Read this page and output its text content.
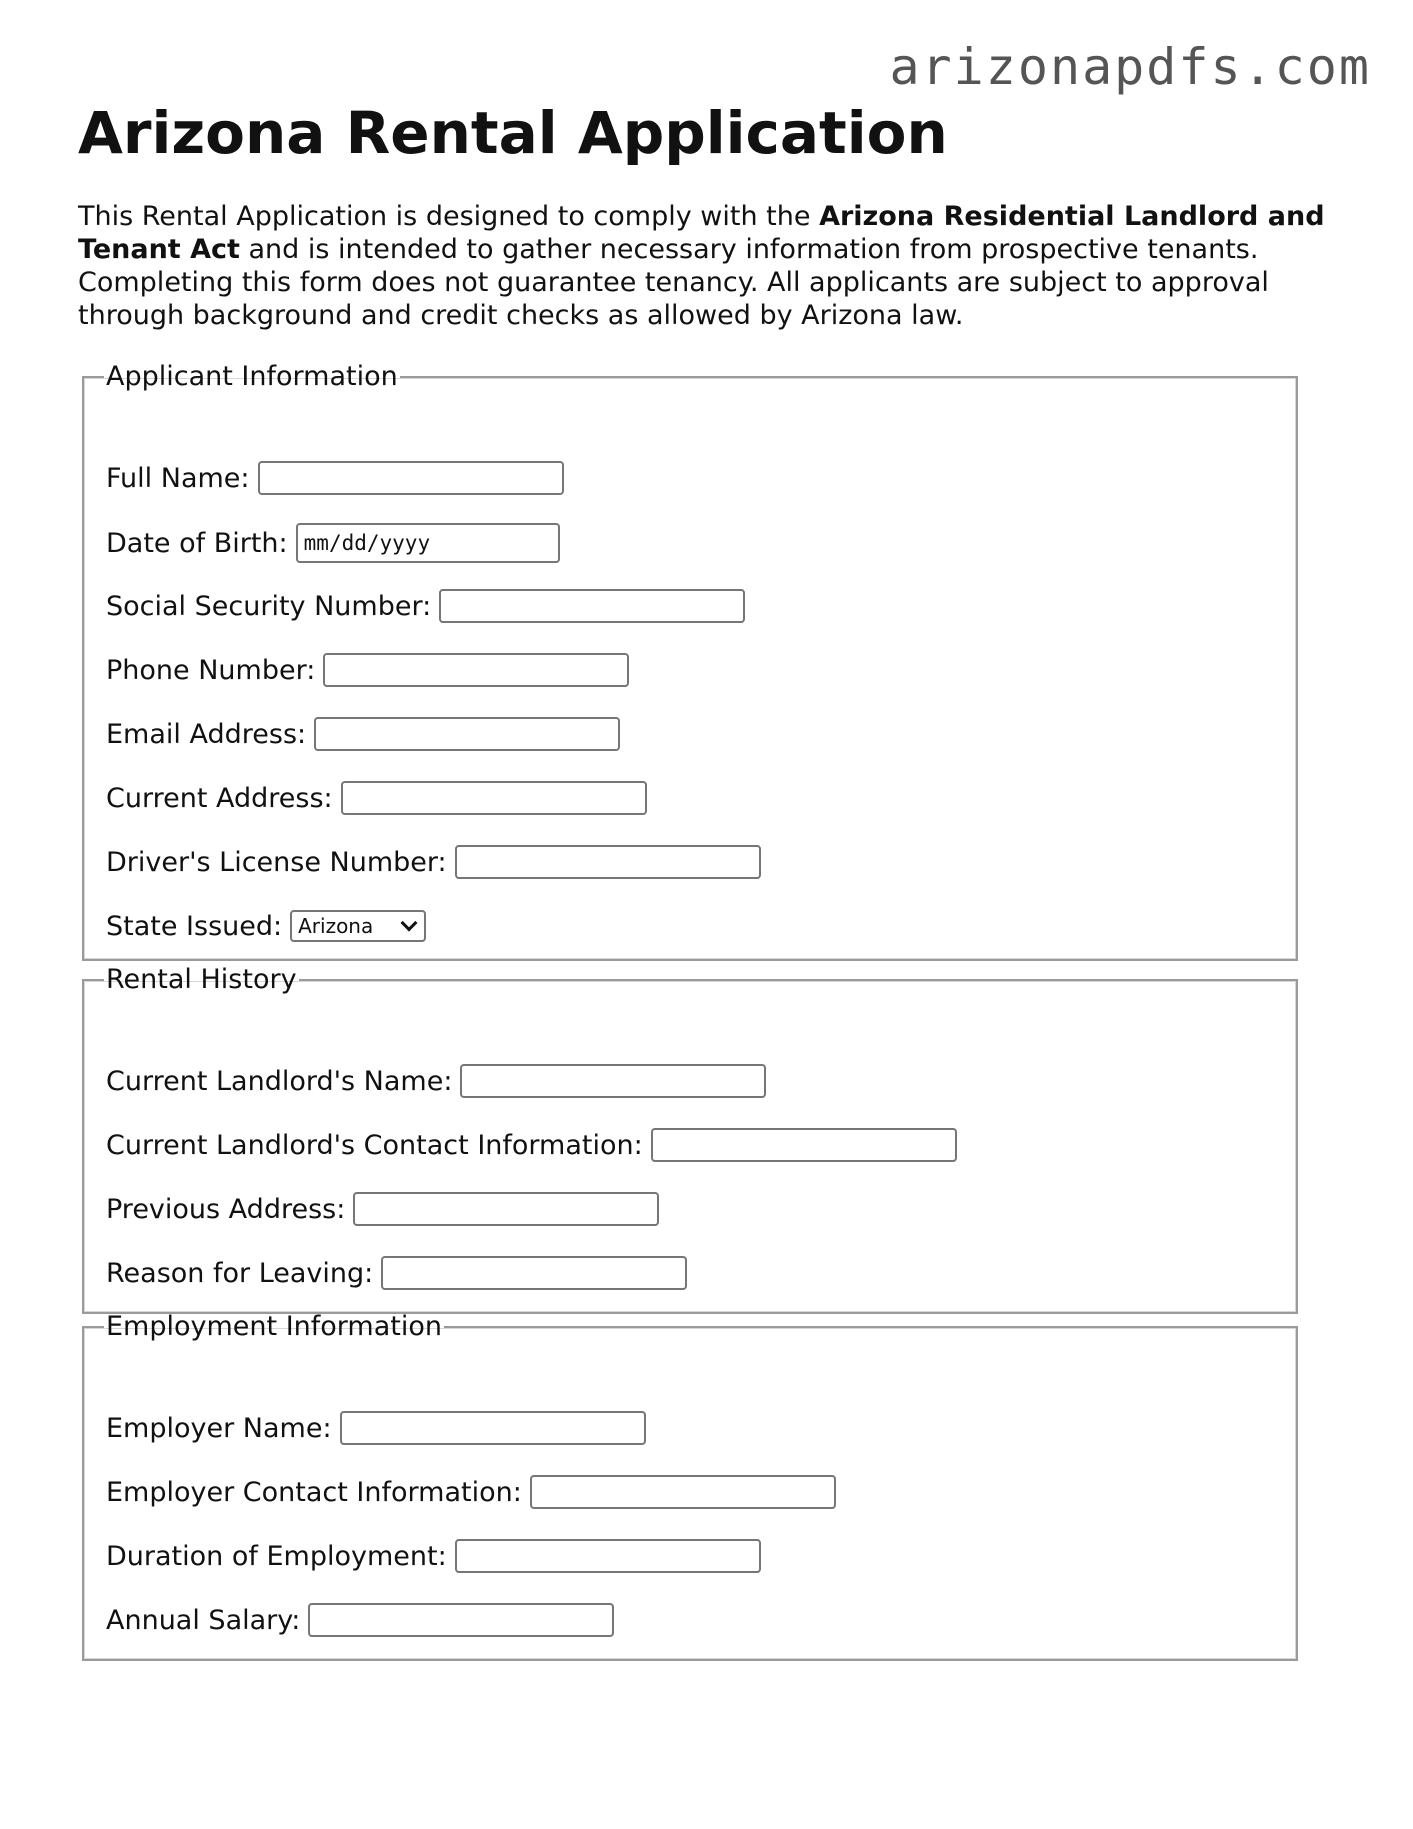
arizonapdfs.com
Arizona Rental Application

This Rental Application is designed to comply with the Arizona Residential Landlord and Tenant Act and is intended to gather necessary information from prospective tenants. Completing this form does not guarantee tenancy. All applicants are subject to approval through background and credit checks as allowed by Arizona law.

Applicant Information
Full Name:
Date of Birth: mm/dd/yyyy
Social Security Number:
Phone Number:
Email Address:
Current Address:
Driver's License Number:
State Issued: Arizona
Rental History
Current Landlord's Name:
Current Landlord's Contact Information:
Previous Address:
Reason for Leaving:
Employment Information
Employer Name:
Employer Contact Information:
Duration of Employment:
Annual Salary:
